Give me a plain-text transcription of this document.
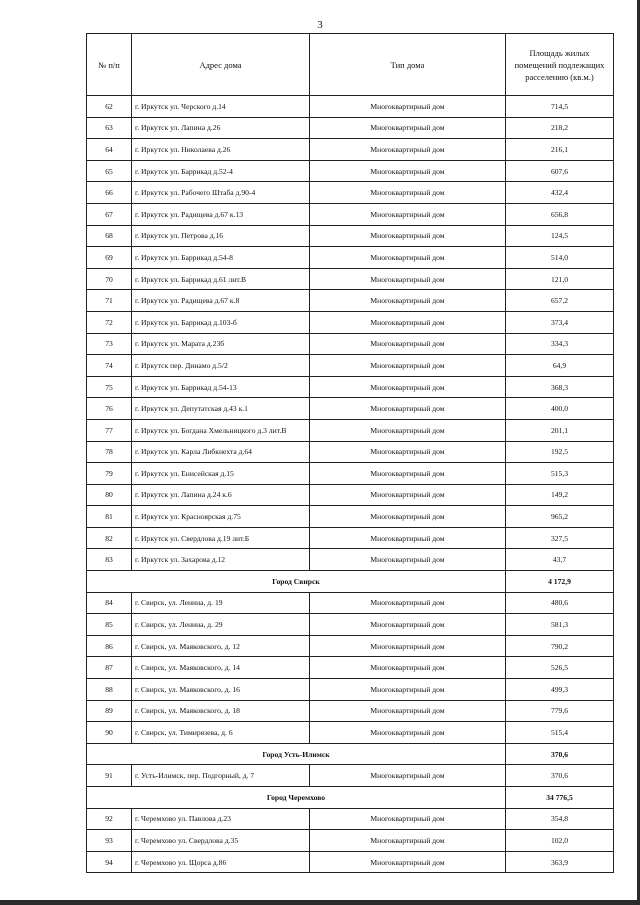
3
№ п/п	Адрес дома	Тип дома	Площадь жилых помещений подлежащих расселению (кв.м.)
62	г. Иркутск ул. Черского д.14	Многоквартирный дом	714,5
63	г. Иркутск ул. Лапина д.26	Многоквартирный дом	218,2
64	г. Иркутск ул. Николаева д.26	Многоквартирный дом	216,1
65	г. Иркутск ул. Баррикад д.52-4	Многоквартирный дом	607,6
66	г. Иркутск ул. Рабочего Штаба д.90-4	Многоквартирный дом	432,4
67	г. Иркутск ул. Радищева д.67 к.13	Многоквартирный дом	656,8
68	г. Иркутск ул. Петрова д.16	Многоквартирный дом	124,5
69	г. Иркутск ул. Баррикад д.54-8	Многоквартирный дом	514,0
70	г. Иркутск ул. Баррикад д.61 лит.В	Многоквартирный дом	121,0
71	г. Иркутск ул. Радищева д.67 к.8	Многоквартирный дом	657,2
72	г. Иркутск ул. Баррикад д.103-б	Многоквартирный дом	373,4
73	г. Иркутск ул. Марата д.23б	Многоквартирный дом	334,3
74	г. Иркутск пер. Динамо д.5/2	Многоквартирный дом	64,9
75	г. Иркутск ул. Баррикад д.54-13	Многоквартирный дом	368,3
76	г. Иркутск ул. Депутатская д.43 к.1	Многоквартирный дом	400,0
77	г. Иркутск ул. Богдана Хмельницкого д.3 лит.В	Многоквартирный дом	201,1
78	г. Иркутск ул. Карла Либкнехта д.64	Многоквартирный дом	192,5
79	г. Иркутск ул. Енисейская д.15	Многоквартирный дом	515,3
80	г. Иркутск ул. Лапина д.24 к.6	Многоквартирный дом	149,2
81	г. Иркутск ул. Красноярская д.75	Многоквартирный дом	965,2
82	г. Иркутск ул. Свердлова д.19 лит.Б	Многоквартирный дом	327,5
83	г. Иркутск ул. Захарова д.12	Многоквартирный дом	43,7
Город Свирск			4 172,9
84	г. Свирск, ул. Ленина, д. 19	Многоквартирный дом	480,6
85	г. Свирск, ул. Ленина, д. 29	Многоквартирный дом	581,3
86	г. Свирск, ул. Маяковского, д. 12	Многоквартирный дом	790,2
87	г. Свирск, ул. Маяковского, д. 14	Многоквартирный дом	526,5
88	г. Свирск, ул. Маяковского, д. 16	Многоквартирный дом	499,3
89	г. Свирск, ул. Маяковского, д. 18	Многоквартирный дом	779,6
90	г. Свирск, ул. Тимирязева, д. 6	Многоквартирный дом	515,4
Город Усть-Илимск			370,6
91	г. Усть-Илимск, пер. Подгорный, д. 7	Многоквартирный дом	370,6
Город Черемхово			34 776,5
92	г. Черемхово ул. Павлова д.23	Многоквартирный дом	354,8
93	г. Черемхово ул. Свердлова д.35	Многоквартирный дом	102,0
94	г. Черемхово ул. Щорса д.86	Многоквартирный дом	363,9
